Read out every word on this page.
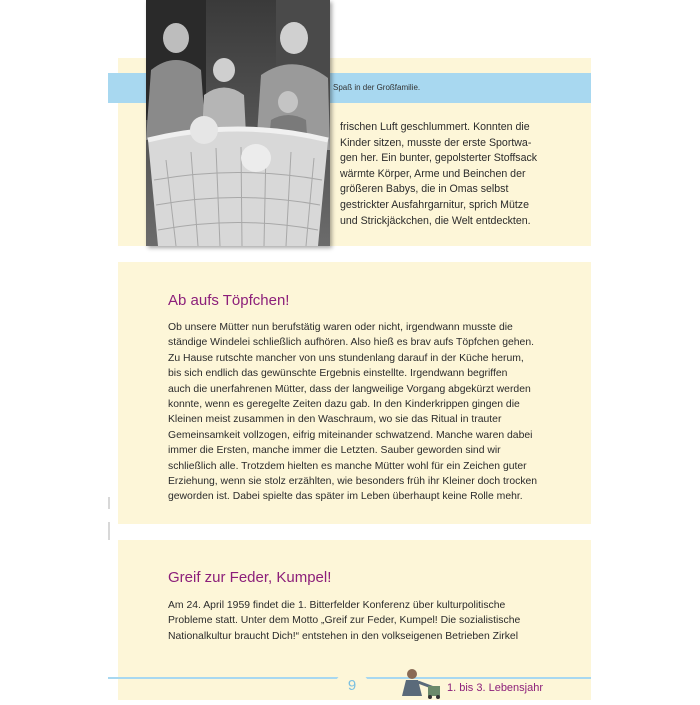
Spaß in der Großfamilie.

frischen Luft geschlummert. Konnten die

Kinder sitzen, musste der erste Sportwa-

gen her. Ein bunter, gepolsterter Stoffsack

wärmte Körper, Arme und Beinchen der

größeren Babys, die in Omas selbst

gestrickter Ausfahrgarnitur, sprich Mütze

und Strickjäckchen, die Welt entdeckten.

Ab aufs Töpfchen!

Ob unsere Mütter nun berufstätig waren oder nicht, irgendwann musste die

ständige Windelei schließlich aufhören. Also hieß es brav aufs Töpfchen gehen.

Zu Hause rutschte mancher von uns stundenlang darauf in der Küche herum,

bis sich endlich das gewünschte Ergebnis einstellte. Irgendwann begriffen

auch die unerfahrenen Mütter, dass der langweilige Vorgang abgekürzt werden

konnte, wenn es geregelte Zeiten dazu gab. In den Kinderkrippen gingen die

Kleinen meist zusammen in den Waschraum, wo sie das Ritual in trauter

Gemeinsamkeit vollzogen, eifrig miteinander schwatzend. Manche waren dabei

immer die Ersten, manche immer die Letzten. Sauber geworden sind wir

schließlich alle. Trotzdem hielten es manche Mütter wohl für ein Zeichen guter

Erziehung, wenn sie stolz erzählten, wie besonders früh ihr Kleiner doch trocken

geworden ist. Dabei spielte das später im Leben überhaupt keine Rolle mehr.

Greif zur Feder, Kumpel!

Am 24. April 1959 findet die 1. Bitterfelder Konferenz über kulturpolitische

Probleme statt. Unter dem Motto „Greif zur Feder, Kumpel! Die sozialistische

Nationalkultur braucht Dich!“ entstehen in den volkseigenen Betrieben Zirkel

9	1. bis 3. Lebensjahr
